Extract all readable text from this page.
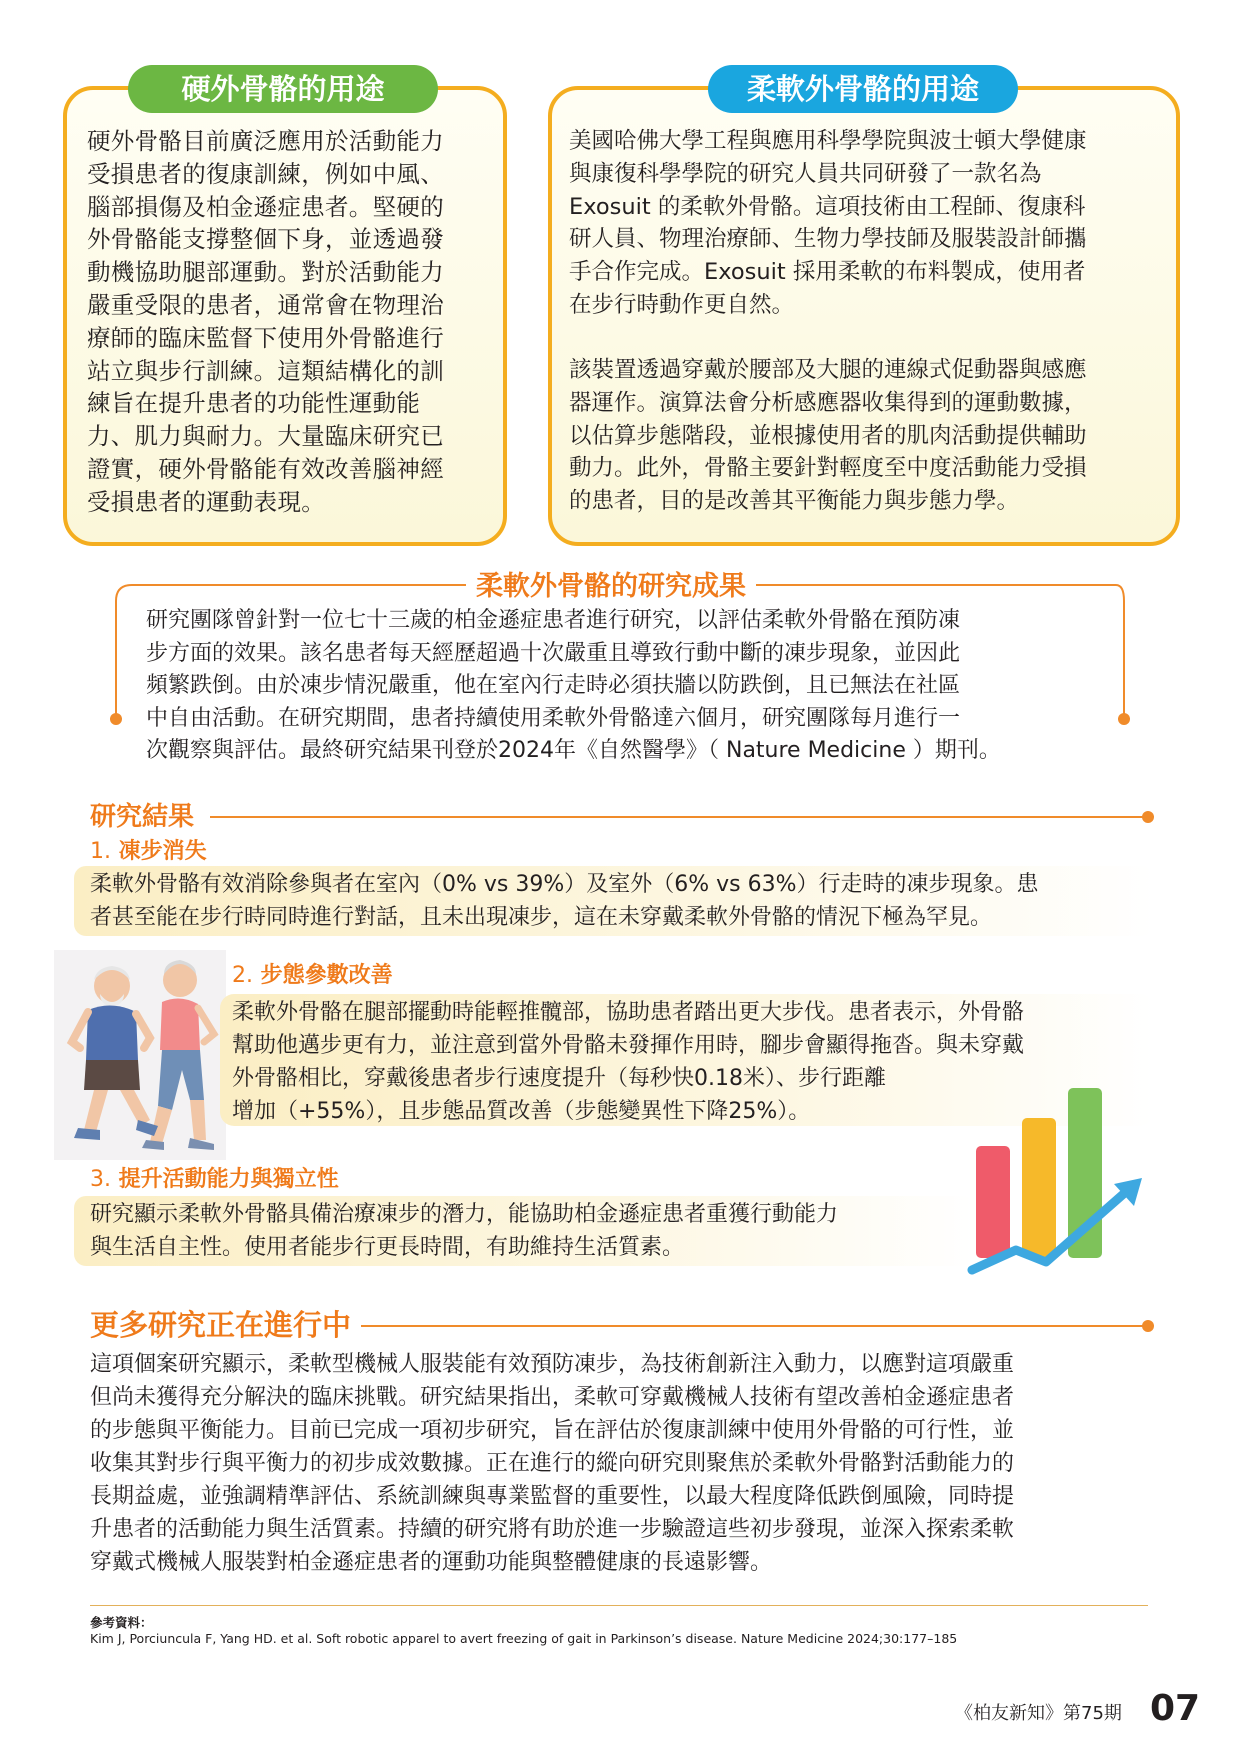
硬外骨骼的用途
硬外骨骼目前廣泛應用於活動能力
受損患者的復康訓練，例如中風、
腦部損傷及柏金遜症患者。堅硬的
外骨骼能支撐整個下身，並透過發
動機協助腿部運動。對於活動能力
嚴重受限的患者，通常會在物理治
療師的臨床監督下使用外骨骼進行
站立與步行訓練。這類結構化的訓
練旨在提升患者的功能性運動能
力、肌力與耐力。大量臨床研究已
證實，硬外骨骼能有效改善腦神經
受損患者的運動表現。
柔軟外骨骼的用途
美國哈佛大學工程與應用科學學院與波士頓大學健康
與康復科學學院的研究人員共同研發了一款名為
Exosuit 的柔軟外骨骼。這項技術由工程師、復康科
研人員、物理治療師、生物力學技師及服裝設計師攜
手合作完成。Exosuit 採用柔軟的布料製成，使用者
在步行時動作更自然。
該裝置透過穿戴於腰部及大腿的連線式促動器與感應
器運作。演算法會分析感應器收集得到的運動數據，
以估算步態階段，並根據使用者的肌肉活動提供輔助
動力。此外，骨骼主要針對輕度至中度活動能力受損
的患者，目的是改善其平衡能力與步態力學。
柔軟外骨骼的研究成果
研究團隊曾針對一位七十三歲的柏金遜症患者進行研究，以評估柔軟外骨骼在預防凍
步方面的效果。該名患者每天經歷超過十次嚴重且導致行動中斷的凍步現象，並因此
頻繁跌倒。由於凍步情況嚴重，他在室內行走時必須扶牆以防跌倒，且已無法在社區
中自由活動。在研究期間，患者持續使用柔軟外骨骼達六個月，研究團隊每月進行一
次觀察與評估。最終研究結果刊登於2024年《自然醫學》（ Nature Medicine ）期刊。
研究結果
1. 凍步消失
柔軟外骨骼有效消除參與者在室內（0% vs 39%）及室外（6% vs 63%）行走時的凍步現象。患
者甚至能在步行時同時進行對話，且未出現凍步，這在未穿戴柔軟外骨骼的情況下極為罕見。
2. 步態參數改善
柔軟外骨骼在腿部擺動時能輕推髖部，協助患者踏出更大步伐。患者表示，外骨骼
幫助他邁步更有力，並注意到當外骨骼未發揮作用時，腳步會顯得拖沓。與未穿戴
外骨骼相比，穿戴後患者步行速度提升（每秒快0.18米）、步行距離
增加（+55%），且步態品質改善（步態變異性下降25%）。
3. 提升活動能力與獨立性
研究顯示柔軟外骨骼具備治療凍步的潛力，能協助柏金遜症患者重獲行動能力
與生活自主性。使用者能步行更長時間，有助維持生活質素。
更多研究正在進行中
這項個案研究顯示，柔軟型機械人服裝能有效預防凍步，為技術創新注入動力，以應對這項嚴重
但尚未獲得充分解決的臨床挑戰。研究結果指出，柔軟可穿戴機械人技術有望改善柏金遜症患者
的步態與平衡能力。目前已完成一項初步研究，旨在評估於復康訓練中使用外骨骼的可行性，並
收集其對步行與平衡力的初步成效數據。正在進行的縱向研究則聚焦於柔軟外骨骼對活動能力的
長期益處，並強調精準評估、系統訓練與專業監督的重要性，以最大程度降低跌倒風險，同時提
升患者的活動能力與生活質素。持續的研究將有助於進一步驗證這些初步發現，並深入探索柔軟
穿戴式機械人服裝對柏金遜症患者的運動功能與整體健康的長遠影響。
參考資料：
Kim J, Porciuncula F, Yang HD. et al. Soft robotic apparel to avert freezing of gait in Parkinson’s disease. Nature Medicine 2024;30:177–185
《柏友新知》第75期 07
